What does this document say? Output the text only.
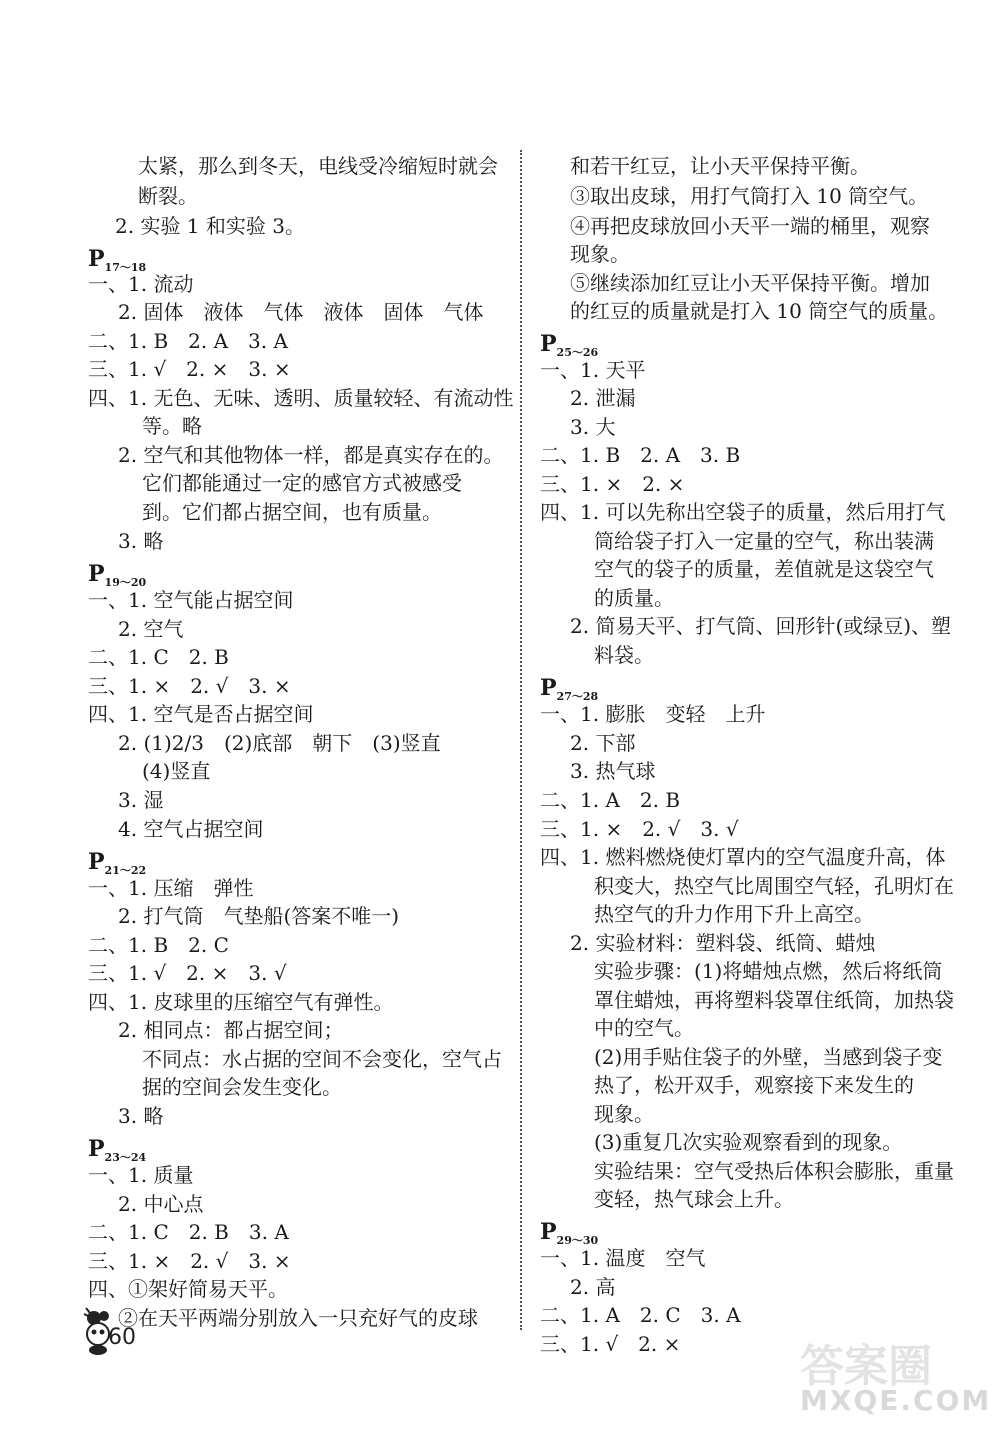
太紧，那么到冬天，电线受冷缩短时就会
断裂。
2. 实验 1 和实验 3。
$P_{17\sim 18}$
一、1. 流动
2. 固体　液体　气体　液体　固体　气体
二、1. B　2. A　3. A
三、1. √　2. ×　3. ×
四、1. 无色、无味、透明、质量较轻、有流动性
等。略
2. 空气和其他物体一样，都是真实存在的。
它们都能通过一定的感官方式被感受
到。它们都占据空间，也有质量。
3. 略
$P_{19\sim 20}$
一、1. 空气能占据空间
2. 空气
二、1. C　2. B
三、1. ×　2. √　3. ×
四、1. 空气是否占据空间
2. (1)2/3　(2)底部　朝下　(3)竖直
(4)竖直
3. 湿
4. 空气占据空间
$P_{21\sim 22}$
一、1. 压缩　弹性
2. 打气筒　气垫船(答案不唯一)
二、1. B　2. C
三、1. √　2. ×　3. √
四、1. 皮球里的压缩空气有弹性。
2. 相同点：都占据空间；
不同点：水占据的空间不会变化，空气占
据的空间会发生变化。
3. 略
$P_{23\sim 24}$
一、1. 质量
2. 中心点
二、1. C　2. B　3. A
三、1. ×　2. √　3. ×
四、①架好简易天平。
②在天平两端分别放入一只充好气的皮球
和若干红豆，让小天平保持平衡。
③取出皮球，用打气筒打入 10 筒空气。
④再把皮球放回小天平一端的桶里，观察
现象。
⑤继续添加红豆让小天平保持平衡。增加
的红豆的质量就是打入 10 筒空气的质量。
$P_{25\sim 26}$
一、1. 天平
2. 泄漏
3. 大
二、1. B　2. A　3. B
三、1. ×　2. ×
四、1. 可以先称出空袋子的质量，然后用打气
筒给袋子打入一定量的空气，称出装满
空气的袋子的质量，差值就是这袋空气
的质量。
2. 简易天平、打气筒、回形针(或绿豆)、塑
料袋。
$P_{27\sim 28}$
一、1. 膨胀　变轻　上升
2. 下部
3. 热气球
二、1. A　2. B
三、1. ×　2. √　3. √
四、1. 燃料燃烧使灯罩内的空气温度升高，体
积变大，热空气比周围空气轻，孔明灯在
热空气的升力作用下升上高空。
2. 实验材料：塑料袋、纸筒、蜡烛
实验步骤：(1)将蜡烛点燃，然后将纸筒
罩住蜡烛，再将塑料袋罩住纸筒，加热袋
中的空气。
(2)用手贴住袋子的外壁，当感到袋子变
热了，松开双手，观察接下来发生的
现象。
(3)重复几次实验观察看到的现象。
实验结果：空气受热后体积会膨胀，重量
变轻，热气球会上升。
$P_{29\sim 30}$
一、1. 温度　空气
2. 高
二、1. A　2. C　3. A
三、1. √　2. ×
60
答案圈
MXQE.COM
